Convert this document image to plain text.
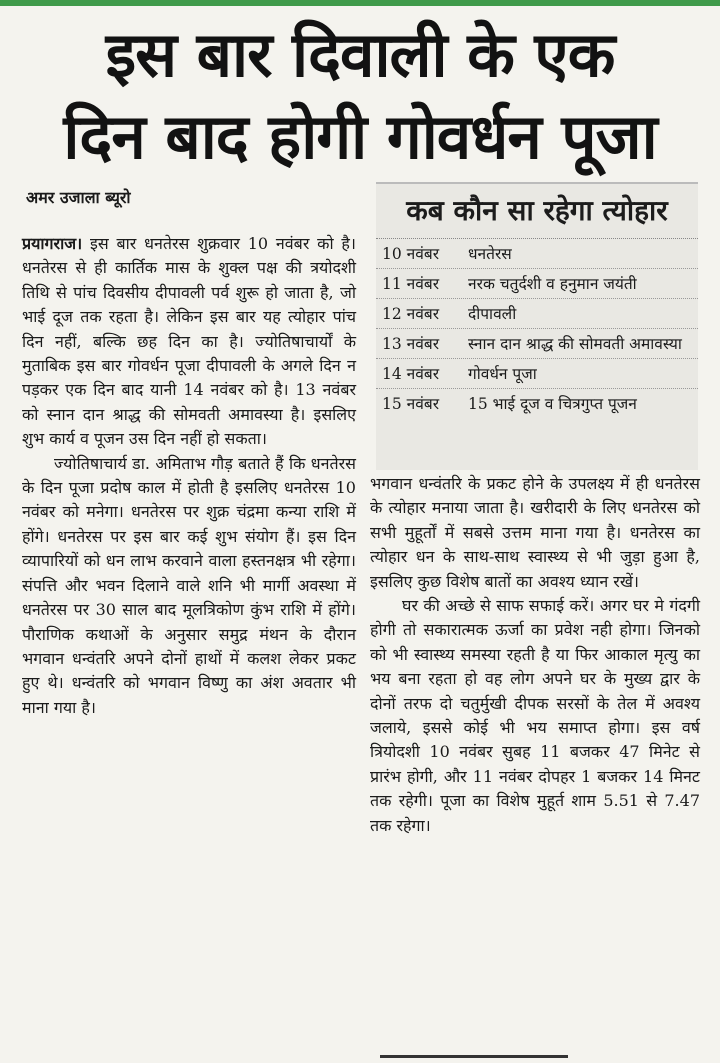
इस बार दिवाली के एक
दिन बाद होगी गोवर्धन पूजा
अमर उजाला ब्यूरो

प्रयागराज। इस बार धनतेरस शुक्रवार 10 नवंबर को है। धनतेरस से ही कार्तिक मास के शुक्ल पक्ष की त्रयोदशी तिथि से पांच दिवसीय दीपावली पर्व शुरू हो जाता है, जो भाई दूज तक रहता है। लेकिन इस बार यह त्योहार पांच दिन नहीं, बल्कि छह दिन का है। ज्योतिषाचार्यों के मुताबिक इस बार गोवर्धन पूजा दीपावली के अगले दिन न पड़कर एक दिन बाद यानी 14 नवंबर को है। 13 नवंबर को स्नान दान श्राद्ध की सोमवती अमावस्या है। इसलिए शुभ कार्य व पूजन उस दिन नहीं हो सकता।

ज्योतिषाचार्य डा. अमिताभ गौड़ बताते हैं कि धनतेरस के दिन पूजा प्रदोष काल में होती है इसलिए धनतेरस 10 नवंबर को मनेगा। धनतेरस पर शुक्र चंद्रमा कन्या राशि में होंगे। धनतेरस पर इस बार कई शुभ संयोग हैं। इस दिन व्यापारियों को धन लाभ करवाने वाला हस्तनक्षत्र भी रहेगा। संपत्ति और भवन दिलाने वाले शनि भी मार्गी अवस्था में धनतेरस पर 30 साल बाद मूलत्रिकोण कुंभ राशि में होंगे। पौराणिक कथाओं के अनुसार समुद्र मंथन के दौरान भगवान धन्वंतरि अपने दोनों हाथों में कलश लेकर प्रकट हुए थे। धन्वंतरि को भगवान विष्णु का अंश अवतार भी माना गया है।

कब कौन सा रहेगा त्योहार
10 नवंबर	धनतेरस
11 नवंबर	नरक चतुर्दशी व हनुमान जयंती
12 नवंबर	दीपावली
13 नवंबर	स्नान दान श्राद्ध की सोमवती अमावस्या
14 नवंबर	गोवर्धन पूजा
15 नवंबर	15 भाई दूज व चित्रगुप्त पूजन

भगवान धन्वंतरि के प्रकट होने के उपलक्ष्य में ही धनतेरस के त्योहार मनाया जाता है। खरीदारी के लिए धनतेरस को सभी मुहूर्तों में सबसे उत्तम माना गया है। धनतेरस का त्योहार धन के साथ-साथ स्वास्थ्य से भी जुड़ा हुआ है, इसलिए कुछ विशेष बातों का अवश्य ध्यान रखें।

घर की अच्छे से साफ सफाई करें। अगर घर मे गंदगी होगी तो सकारात्मक ऊर्जा का प्रवेश नही होगा। जिनको को भी स्वास्थ्य समस्या रहती है या फिर आकाल मृत्यु का भय बना रहता हो वह लोग अपने घर के मुख्य द्वार के दोनों तरफ दो चतुर्मुखी दीपक सरसों के तेल में अवश्य जलाये, इससे कोई भी भय समाप्त होगा। इस वर्ष त्रियोदशी 10 नवंबर सुबह 11 बजकर 47 मिनेट से प्रारंभ होगी, और 11 नवंबर दोपहर 1 बजकर 14 मिनट तक रहेगी। पूजा का विशेष मुहूर्त शाम 5.51 से 7.47 तक रहेगा।
